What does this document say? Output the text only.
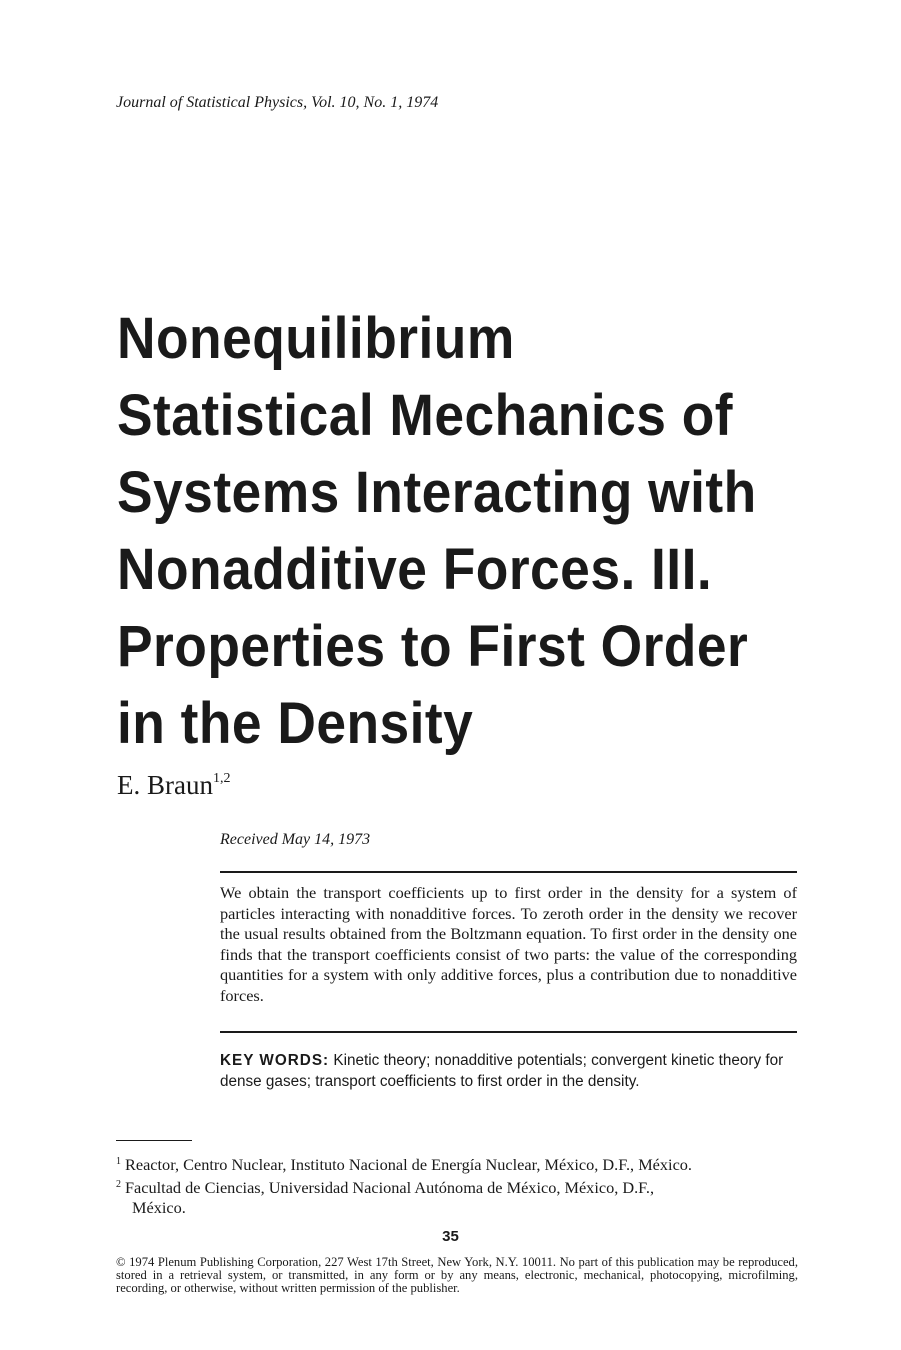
Journal of Statistical Physics, Vol. 10, No. 1, 1974
Nonequilibrium
Statistical Mechanics of
Systems Interacting with
Nonadditive Forces. III.
Properties to First Order
in the Density
E. Braun$^{1,2}$
Received May 14, 1973
We obtain the transport coefficients up to first order in the density for a system of particles interacting with nonadditive forces. To zeroth order in the density we recover the usual results obtained from the Boltzmann equation. To first order in the density one finds that the transport coefficients consist of two parts: the value of the corresponding quantities for a system with only additive forces, plus a contribution due to nonadditive forces.
KEY WORDS: Kinetic theory; nonadditive potentials; convergent kinetic theory for dense gases; transport coefficients to first order in the density.
$^1$ Reactor, Centro Nuclear, Instituto Nacional de Energía Nuclear, México, D.F., México.
$^2$ Facultad de Ciencias, Universidad Nacional Autónoma de México, México, D.F.,
México.
35
© 1974 Plenum Publishing Corporation, 227 West 17th Street, New York, N.Y. 10011. No part of this publication may be reproduced, stored in a retrieval system, or transmitted, in any form or by any means, electronic, mechanical, photocopying, microfilming, recording, or otherwise, without written permission of the publisher.
